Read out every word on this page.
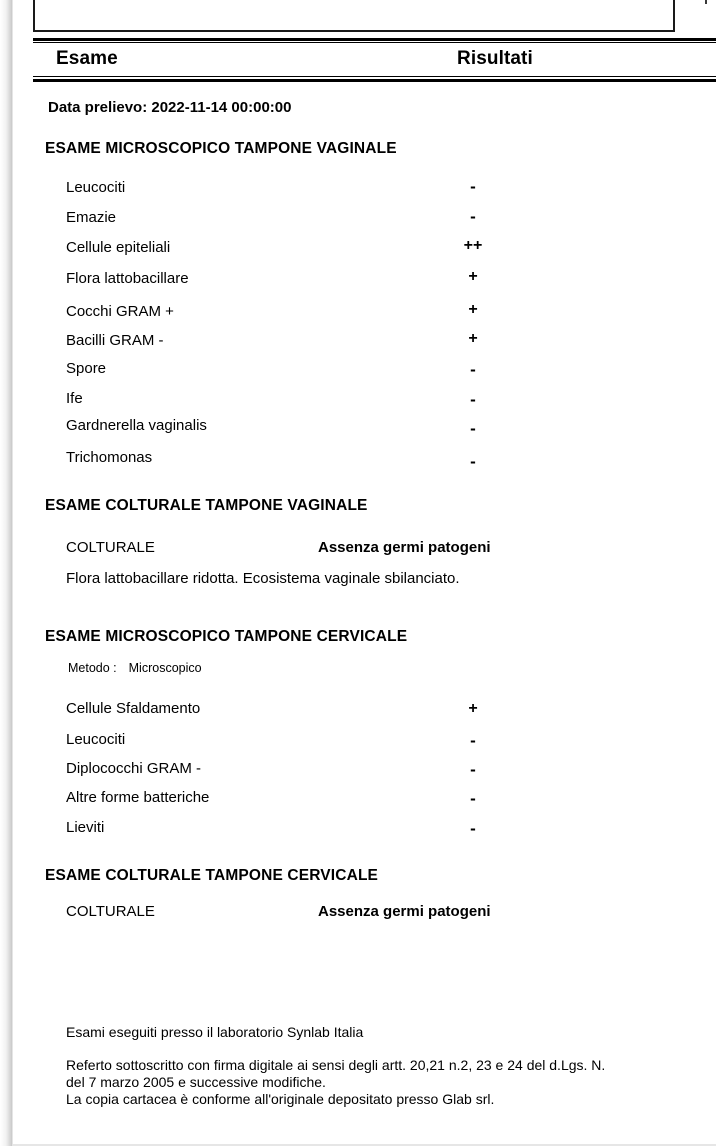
Esame	Risultati
Data prelievo: 2022-11-14 00:00:00
ESAME MICROSCOPICO TAMPONE VAGINALE
Leucociti	-
Emazie	-
Cellule epiteliali	++
Flora lattobacillare	+
Cocchi GRAM +	+
Bacilli GRAM -	+
Spore	-
Ife	-
Gardnerella vaginalis	-
Trichomonas	-
ESAME COLTURALE TAMPONE VAGINALE
COLTURALE	Assenza germi patogeni
Flora lattobacillare ridotta. Ecosistema vaginale sbilanciato.
ESAME MICROSCOPICO TAMPONE CERVICALE
Metodo : Microscopico
Cellule Sfaldamento	+
Leucociti	-
Diplococchi GRAM -	-
Altre forme batteriche	-
Lieviti	-
ESAME COLTURALE TAMPONE CERVICALE
COLTURALE	Assenza germi patogeni
Esami eseguiti presso il laboratorio Synlab Italia
Referto sottoscritto con firma digitale ai sensi degli artt. 20,21 n.2, 23 e 24 del d.Lgs. N.
del 7 marzo 2005 e successive modifiche.
La copia cartacea è conforme all'originale depositato presso Glab srl.
